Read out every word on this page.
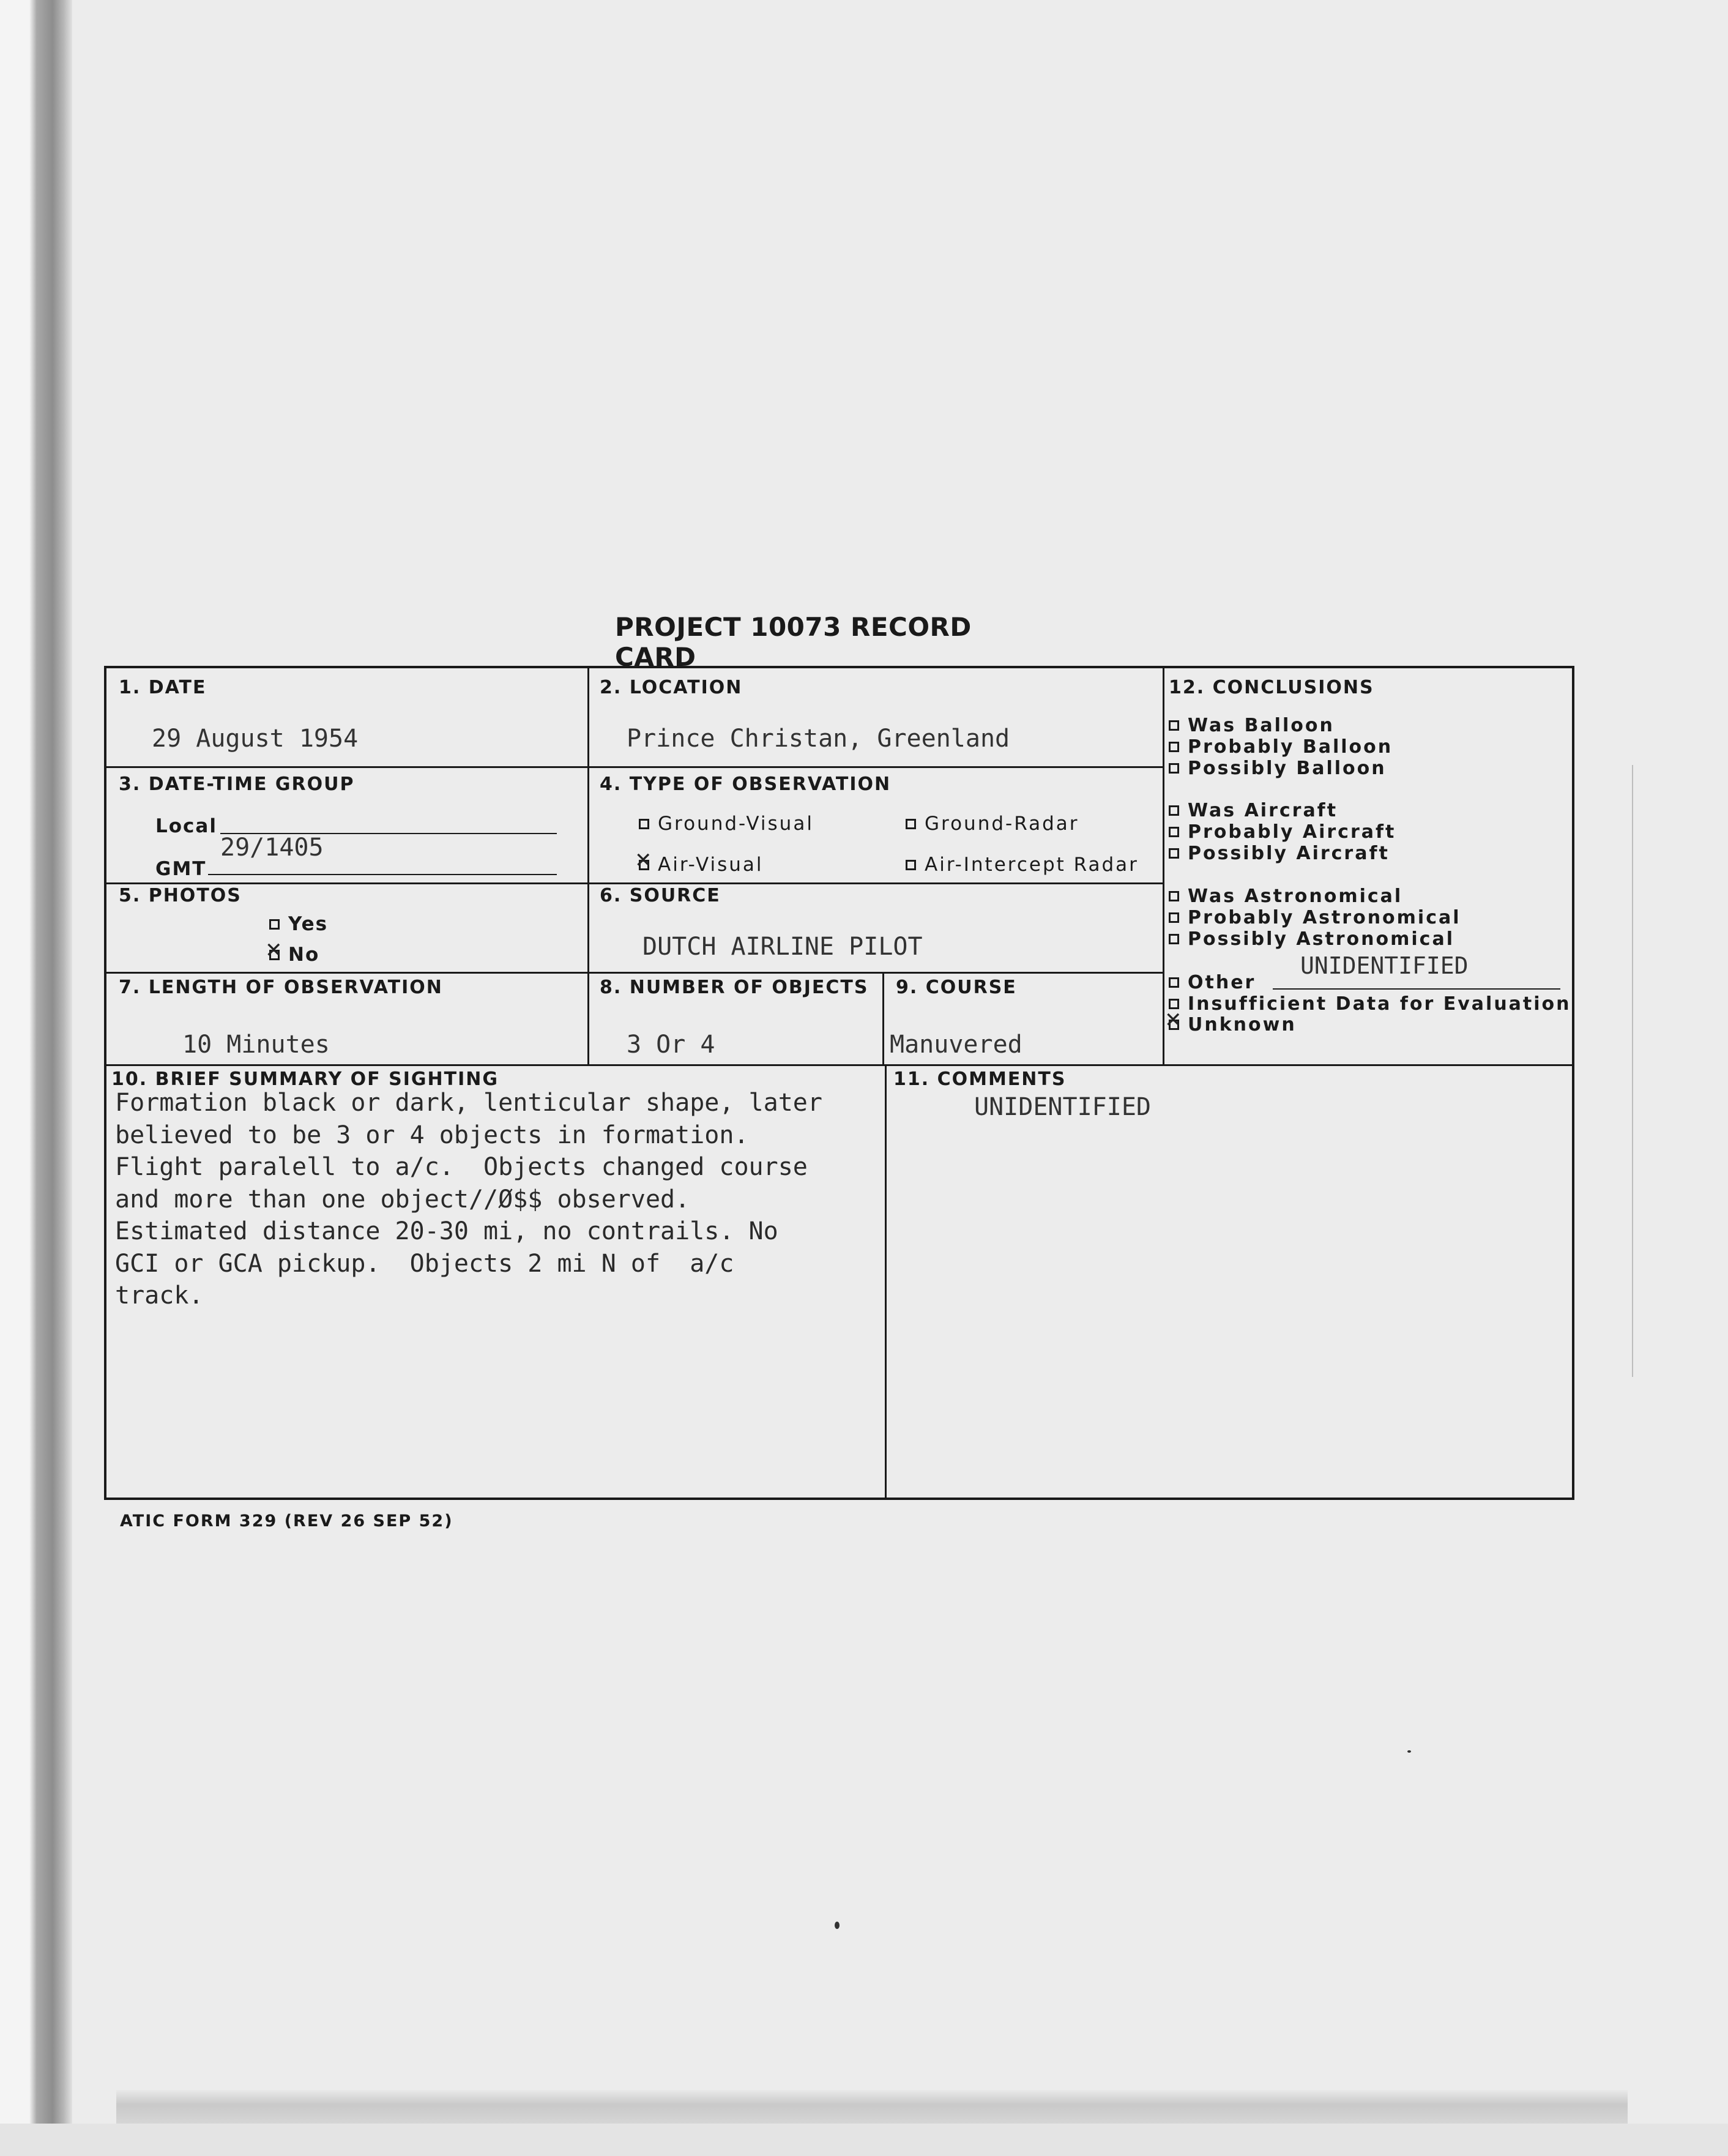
PROJECT 10073 RECORD CARD
1. DATE
29 August 1954
2. LOCATION
Prince Christan, Greenland
3. DATE-TIME GROUP
Local
GMT
29/1405
4. TYPE OF OBSERVATION
Ground-Visual	Ground-Radar
✕Air-Visual	Air-Intercept Radar
5. PHOTOS
Yes
✕No
6. SOURCE
DUTCH AIRLINE PILOT
7. LENGTH OF OBSERVATION
10 Minutes
8. NUMBER OF OBJECTS
3 Or 4
9. COURSE
Manuvered
10. BRIEF SUMMARY OF SIGHTING
Formation black or dark, lenticular shape, later
believed to be 3 or 4 objects in formation.
Flight paralell to a/c.  Objects changed course
and more than one object//Ø$$ observed.
Estimated distance 20-30 mi, no contrails. No
GCI or GCA pickup.  Objects 2 mi N of  a/c
track.
11. COMMENTS
UNIDENTIFIED
12. CONCLUSIONS
Was Balloon
Probably Balloon
Possibly Balloon
Was Aircraft
Probably Aircraft
Possibly Aircraft
Was Astronomical
Probably Astronomical
Possibly Astronomical
Other
UNIDENTIFIED
Insufficient Data for Evaluation
✕Unknown
ATIC FORM 329 (REV 26 SEP 52)
